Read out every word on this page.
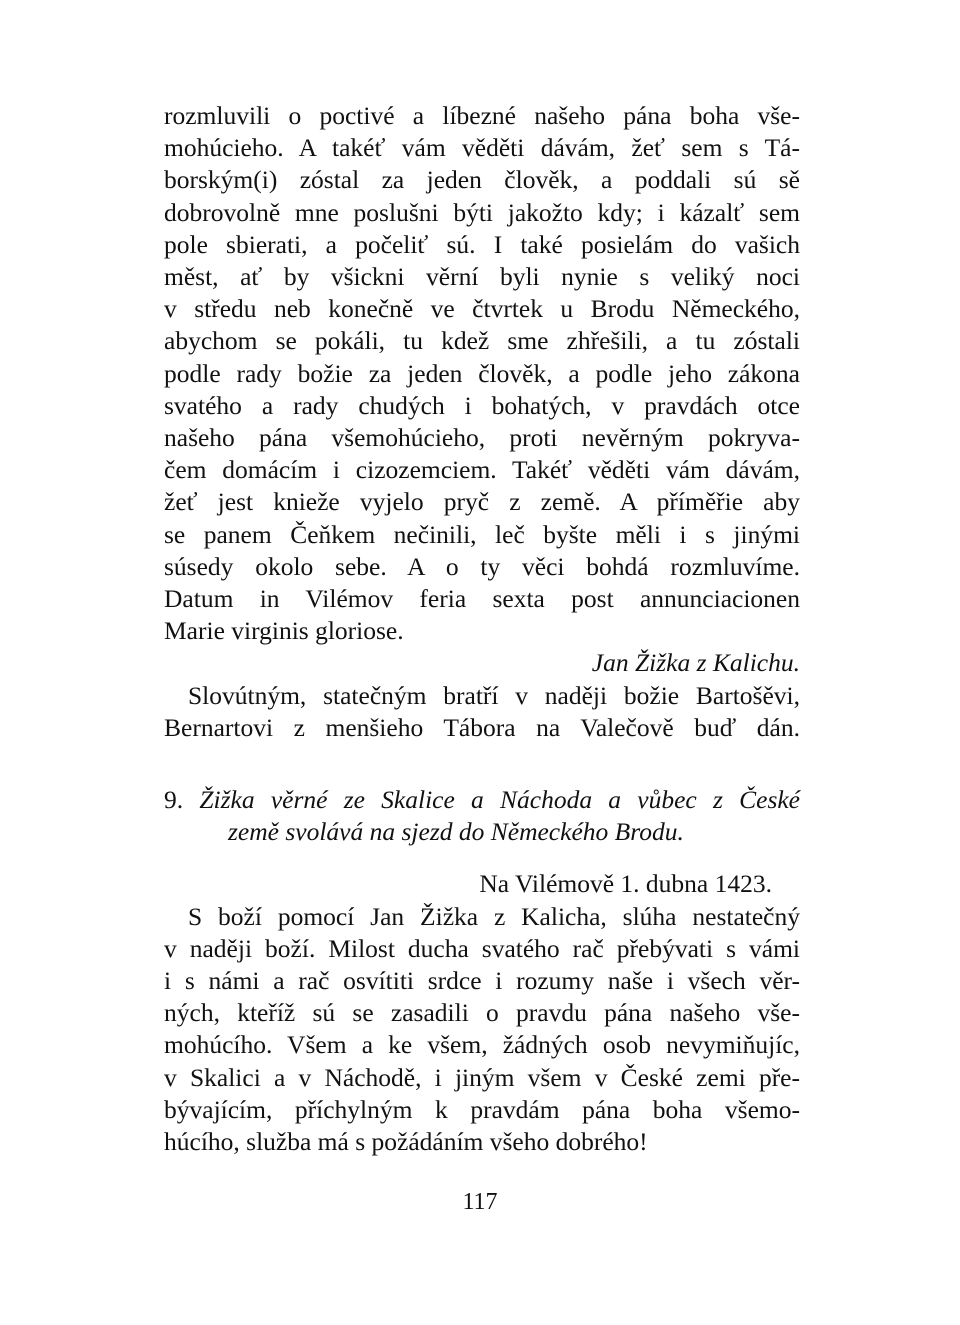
rozmluvili o poctivé a líbezné našeho pána boha vše-
mohúcieho. A takéť vám věděti dávám, žeť sem s Tá-
borským(i) zóstal za jeden člověk, a poddali sú sě
dobrovolně mne poslušni býti jakožto kdy; i kázalť sem
pole sbierati, a počeliť sú. I také posielám do vašich
měst, ať by všickni věrní byli nynie s veliký noci
v středu neb konečně ve čtvrtek u Brodu Německého,
abychom se pokáli, tu kdež sme zhřešili, a tu zóstali
podle rady božie za jeden člověk, a podle jeho zákona
svatého a rady chudých i bohatých, v pravdách otce
našeho pána všemohúcieho, proti nevěrným pokryva-
čem domácím i cizozemciem. Takéť věděti vám dávám,
žeť jest knieže vyjelo pryč z země. A příměřie aby
se panem Čeňkem nečinili, leč byšte měli i s jinými
súsedy okolo sebe. A o ty věci bohdá rozmluvíme.
Datum in Vilémov feria sexta post annunciacionen
Marie virginis gloriose.
Jan Žižka z Kalichu.
Slovútným, statečným bratří v naději božie Bartošěvi,
Bernartovi z menšieho Tábora na Valečově buď dán.
9. Žižka věrné ze Skalice a Náchoda a vůbec z České
země svolává na sjezd do Německého Brodu.
Na Vilémově 1. dubna 1423.
S boží pomocí Jan Žižka z Kalicha, slúha nestatečný
v naději boží. Milost ducha svatého rač přebývati s vámi
i s námi a rač osvítiti srdce i rozumy naše i všech věr-
ných, kteříž sú se zasadili o pravdu pána našeho vše-
mohúcího. Všem a ke všem, žádných osob nevymiňujíc,
v Skalici a v Náchodě, i jiným všem v České zemi pře-
bývajícím, příchylným k pravdám pána boha všemo-
húcího, služba má s požádáním všeho dobrého!
117
